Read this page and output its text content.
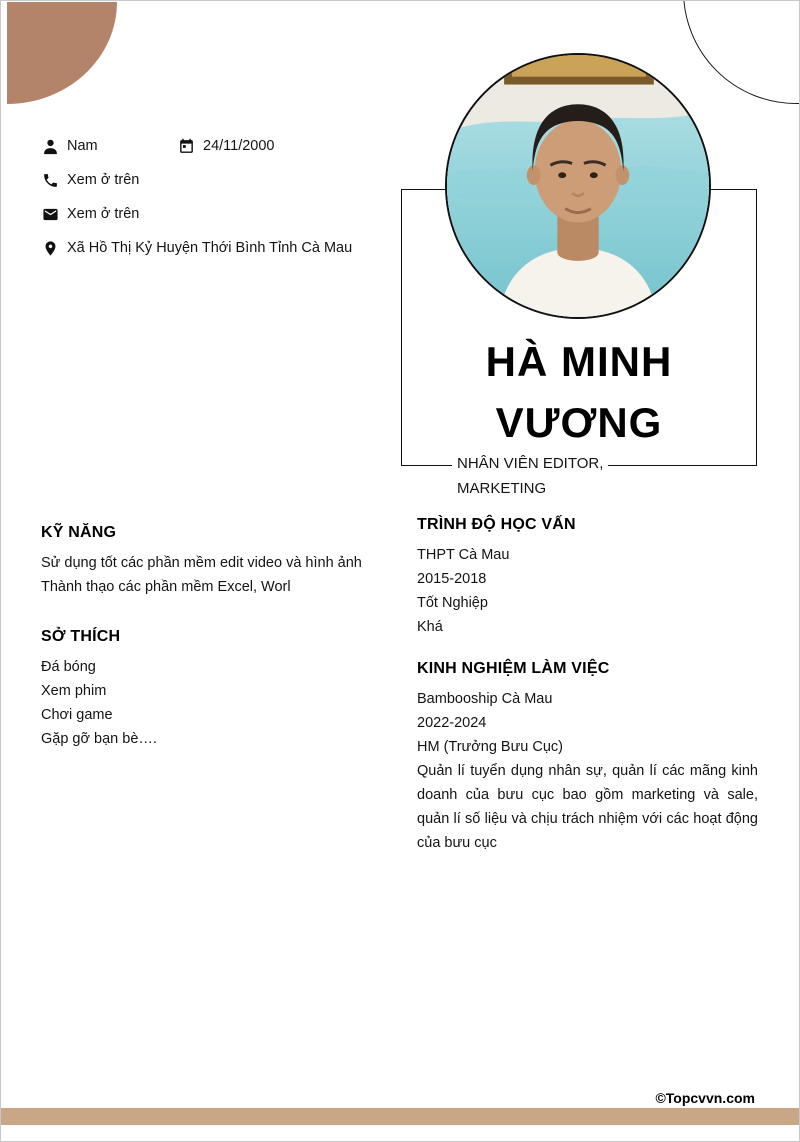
Nam	24/11/2000
Xem ở trên
Xem ở trên
Xã Hồ Thị Kỷ Huyện Thới Bình Tỉnh Cà Mau
HÀ MINH
VƯƠNG
NHÂN VIÊN EDITOR,
MARKETING
KỸ NĂNG

Sử dụng tốt các phần mềm edit video và hình ảnh

Thành thạo các phần mềm Excel, Worl

SỞ THÍCH

Đá bóng

Xem phim

Chơi game

Gặp gỡ bạn bè….

TRÌNH ĐỘ HỌC VẤN
THPT Cà Mau
2015-2018
Tốt Nghiệp
Khá
KINH NGHIỆM LÀM VIỆC
Bambooship Cà Mau
2022-2024
HM (Trưởng Bưu Cục)

Quản lí tuyển dụng nhân sự, quản lí các mãng kinh doanh của bưu cục bao gồm marketing và sale, quản lí số liệu và chịu trách nhiệm với các hoạt động của bưu cục

©Topcvvn.com
